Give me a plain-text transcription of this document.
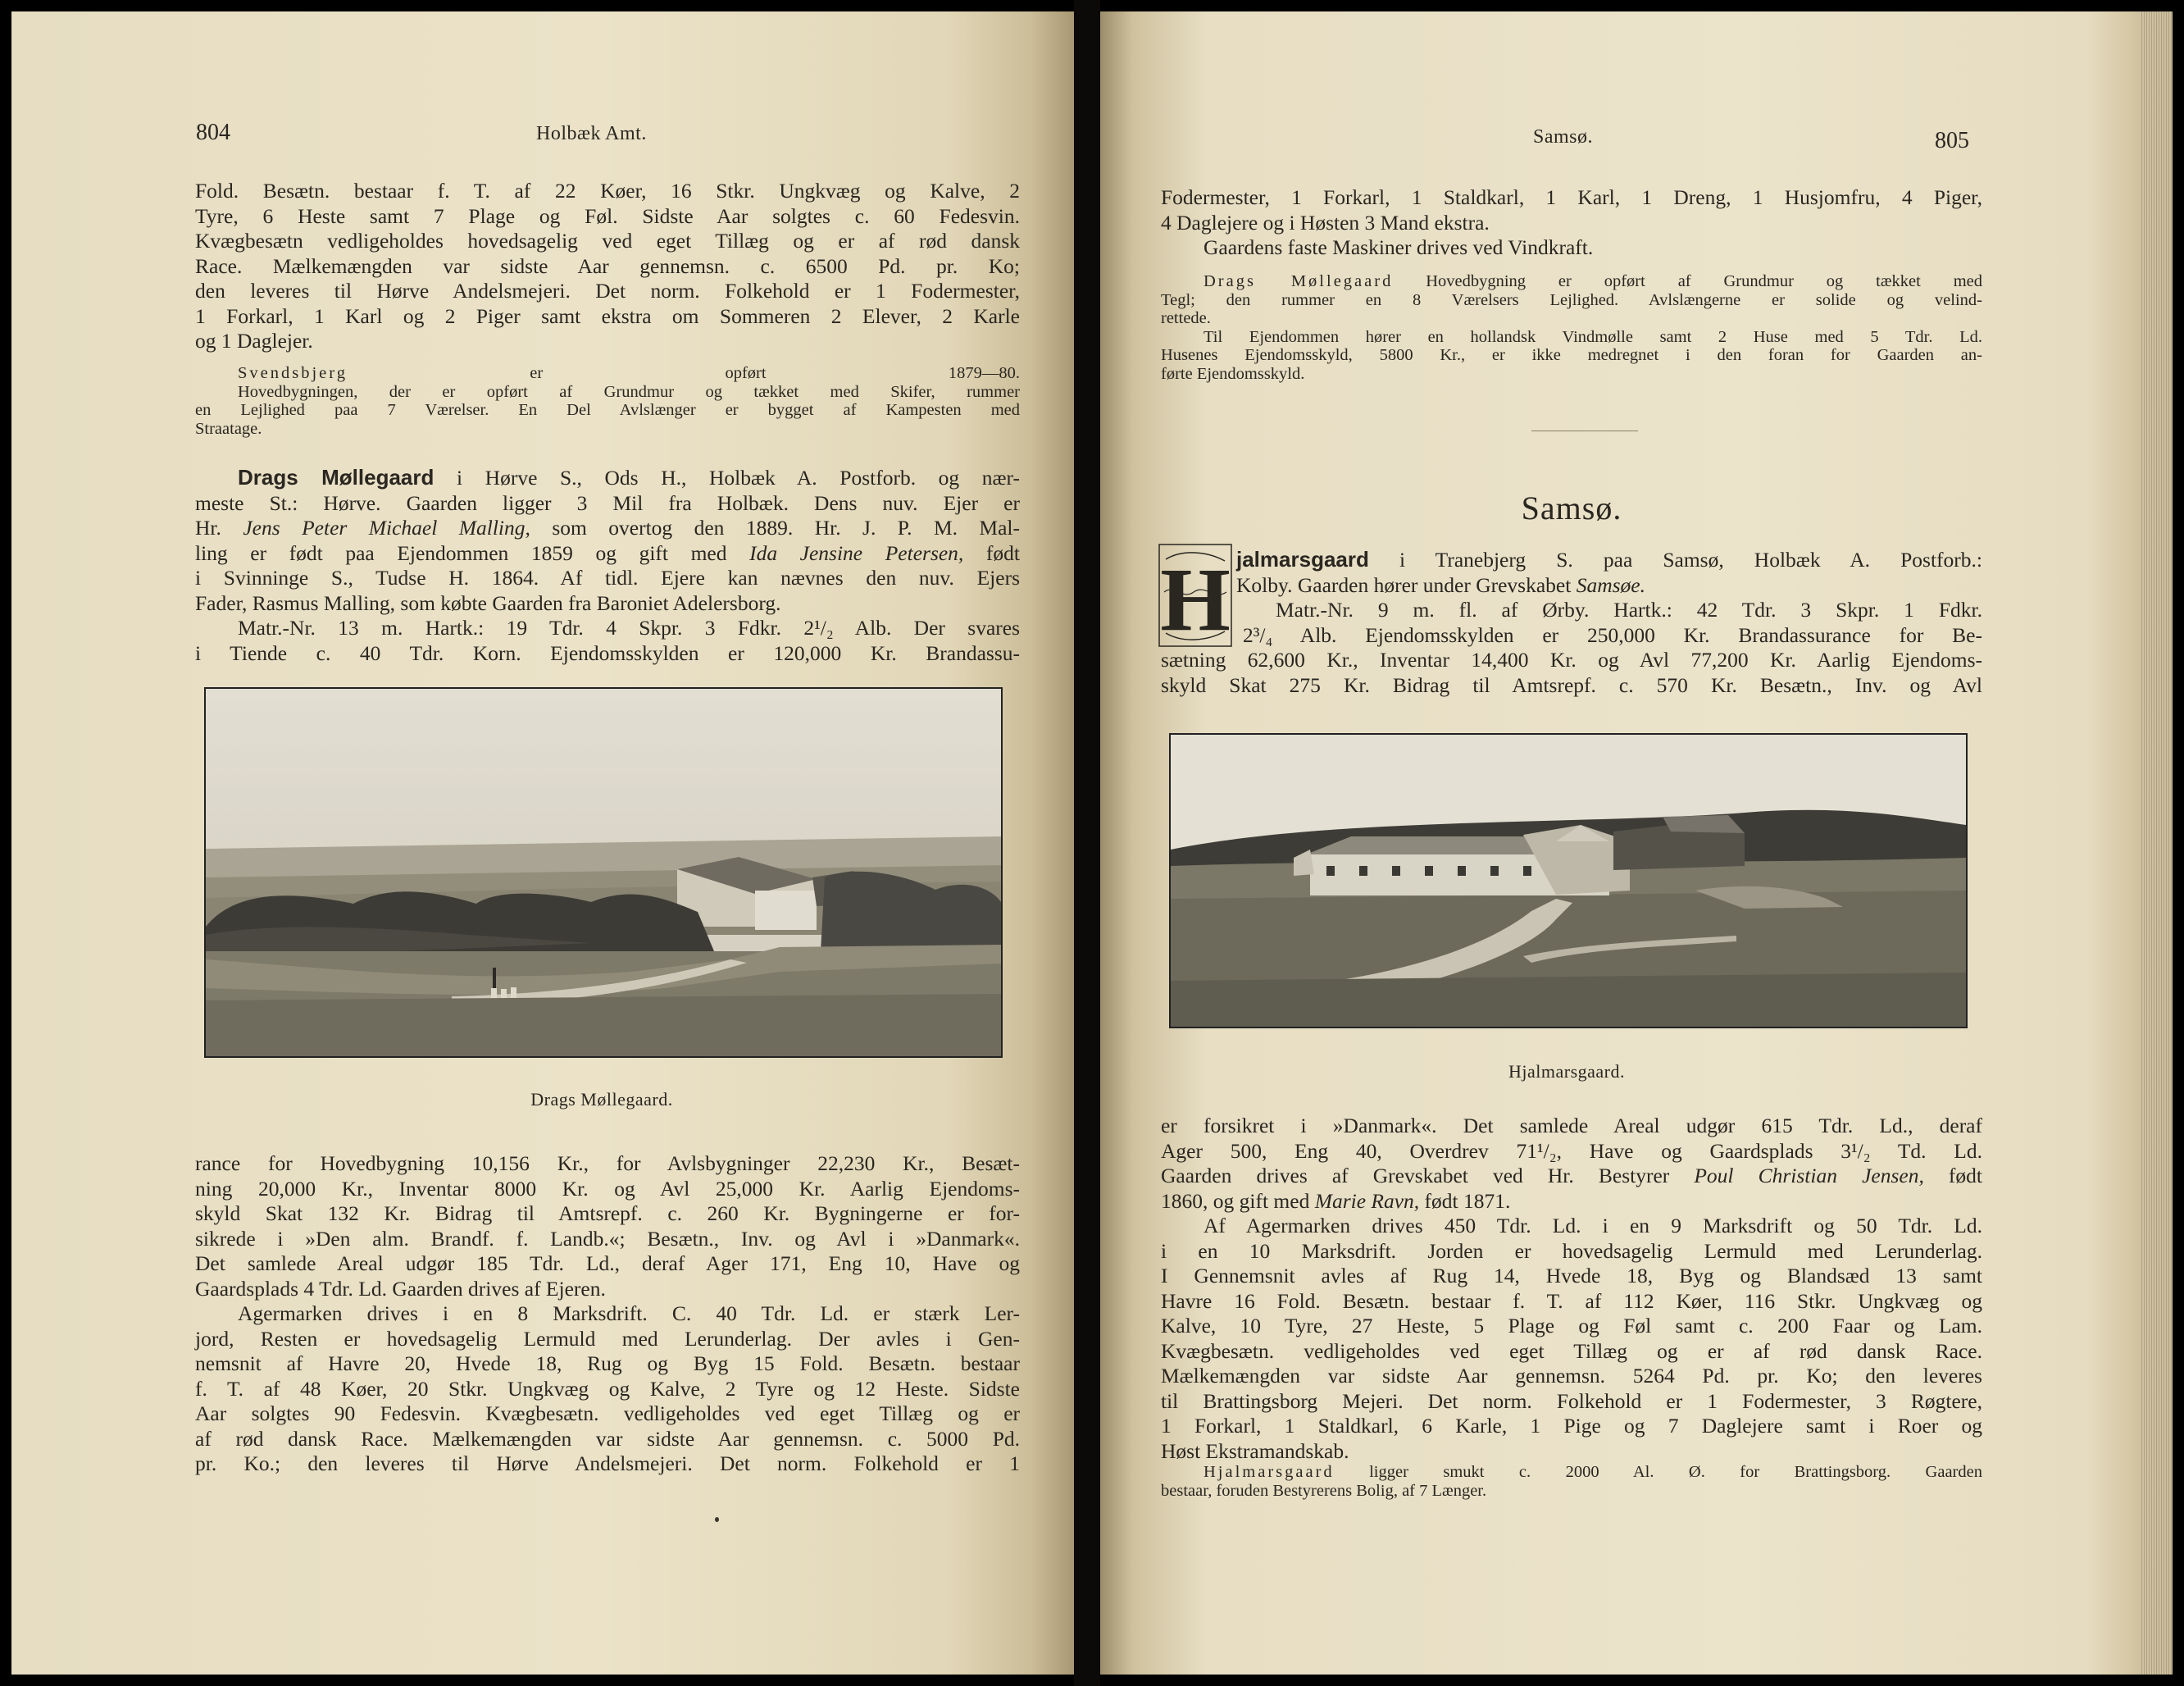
804	Holbæk Amt.
Fold. Besætn. bestaar f. T. af 22 Køer, 16 Stkr. Ungkvæg og Kalve, 2
Tyre, 6 Heste samt 7 Plage og Føl. Sidste Aar solgtes c. 60 Fedesvin.
Kvægbesætn vedligeholdes hovedsagelig ved eget Tillæg og er af rød dansk
Race. Mælkemængden var sidste Aar gennemsn. c. 6500 Pd. pr. Ko;
den leveres til Hørve Andelsmejeri. Det norm. Folkehold er 1 Fodermester,
1 Forkarl, 1 Karl og 2 Piger samt ekstra om Sommeren 2 Elever, 2 Karle
og 1 Daglejer.
Svendsbjerg er opført 1879—80.
Hovedbygningen, der er opført af Grundmur og tækket med Skifer, rummer
en Lejlighed paa 7 Værelser. En Del Avlslænger er bygget af Kampesten med
Straatage.
Drags Møllegaard i Hørve S., Ods H., Holbæk A. Postforb. og nær-
meste St.: Hørve. Gaarden ligger 3 Mil fra Holbæk. Dens nuv. Ejer er
Hr. Jens Peter Michael Malling, som overtog den 1889. Hr. J. P. M. Mal-
ling er født paa Ejendommen 1859 og gift med Ida Jensine Petersen, født
i Svinninge S., Tudse H. 1864. Af tidl. Ejere kan nævnes den nuv. Ejers
Fader, Rasmus Malling, som købte Gaarden fra Baroniet Adelersborg.
Matr.-Nr. 13 m. Hartk.: 19 Tdr. 4 Skpr. 3 Fdkr. 2¹/₂ Alb. Der svares
i Tiende c. 40 Tdr. Korn. Ejendomsskylden er 120,000 Kr. Brandassu-
Drags Møllegaard.
rance for Hovedbygning 10,156 Kr., for Avlsbygninger 22,230 Kr., Besæt-
ning 20,000 Kr., Inventar 8000 Kr. og Avl 25,000 Kr. Aarlig Ejendoms-
skyld Skat 132 Kr. Bidrag til Amtsrepf. c. 260 Kr. Bygningerne er for-
sikrede i »Den alm. Brandf. f. Landb.«; Besætn., Inv. og Avl i »Danmark«.
Det samlede Areal udgør 185 Tdr. Ld., deraf Ager 171, Eng 10, Have og
Gaardsplads 4 Tdr. Ld. Gaarden drives af Ejeren.
Agermarken drives i en 8 Marksdrift. C. 40 Tdr. Ld. er stærk Ler-
jord, Resten er hovedsagelig Lermuld med Lerunderlag. Der avles i Gen-
nemsnit af Havre 20, Hvede 18, Rug og Byg 15 Fold. Besætn. bestaar
f. T. af 48 Køer, 20 Stkr. Ungkvæg og Kalve, 2 Tyre og 12 Heste. Sidste
Aar solgtes 90 Fedesvin. Kvægbesætn. vedligeholdes ved eget Tillæg og er
af rød dansk Race. Mælkemængden var sidste Aar gennemsn. c. 5000 Pd.
pr. Ko.; den leveres til Hørve Andelsmejeri. Det norm. Folkehold er 1
Samsø.	805
Fodermester, 1 Forkarl, 1 Staldkarl, 1 Karl, 1 Dreng, 1 Husjomfru, 4 Piger,
4 Daglejere og i Høsten 3 Mand ekstra.
Gaardens faste Maskiner drives ved Vindkraft.
Drags Møllegaard Hovedbygning er opført af Grundmur og tækket med
Tegl; den rummer en 8 Værelsers Lejlighed. Avlslængerne er solide og velind-
rettede.
Til Ejendommen hører en hollandsk Vindmølle samt 2 Huse med 5 Tdr. Ld.
Husenes Ejendomsskyld, 5800 Kr., er ikke medregnet i den foran for Gaarden an-
førte Ejendomsskyld.
Samsø.
H jalmarsgaard i Tranebjerg S. paa Samsø, Holbæk A. Postforb.:
Kolby. Gaarden hører under Grevskabet Samsøe.
Matr.-Nr. 9 m. fl. af Ørby. Hartk.: 42 Tdr. 3 Skpr. 1 Fdkr.
2³/₄ Alb. Ejendomsskylden er 250,000 Kr. Brandassurance for Be-
sætning 62,600 Kr., Inventar 14,400 Kr. og Avl 77,200 Kr. Aarlig Ejendoms-
skyld Skat 275 Kr. Bidrag til Amtsrepf. c. 570 Kr. Besætn., Inv. og Avl
Hjalmarsgaard.
er forsikret i »Danmark«. Det samlede Areal udgør 615 Tdr. Ld., deraf
Ager 500, Eng 40, Overdrev 71¹/₂, Have og Gaardsplads 3¹/₂ Td. Ld.
Gaarden drives af Grevskabet ved Hr. Bestyrer Poul Christian Jensen, født
1860, og gift med Marie Ravn, født 1871.
Af Agermarken drives 450 Tdr. Ld. i en 9 Marksdrift og 50 Tdr. Ld.
i en 10 Marksdrift. Jorden er hovedsagelig Lermuld med Lerunderlag.
I Gennemsnit avles af Rug 14, Hvede 18, Byg og Blandsæd 13 samt
Havre 16 Fold. Besætn. bestaar f. T. af 112 Køer, 116 Stkr. Ungkvæg og
Kalve, 10 Tyre, 27 Heste, 5 Plage og Føl samt c. 200 Faar og Lam.
Kvægbesætn. vedligeholdes ved eget Tillæg og er af rød dansk Race.
Mælkemængden var sidste Aar gennemsn. 5264 Pd. pr. Ko; den leveres
til Brattingsborg Mejeri. Det norm. Folkehold er 1 Fodermester, 3 Røgtere,
1 Forkarl, 1 Staldkarl, 6 Karle, 1 Pige og 7 Daglejere samt i Roer og
Høst Ekstramandskab.
Hjalmarsgaard ligger smukt c. 2000 Al. Ø. for Brattingsborg. Gaarden
bestaar, foruden Bestyrerens Bolig, af 7 Længer.
